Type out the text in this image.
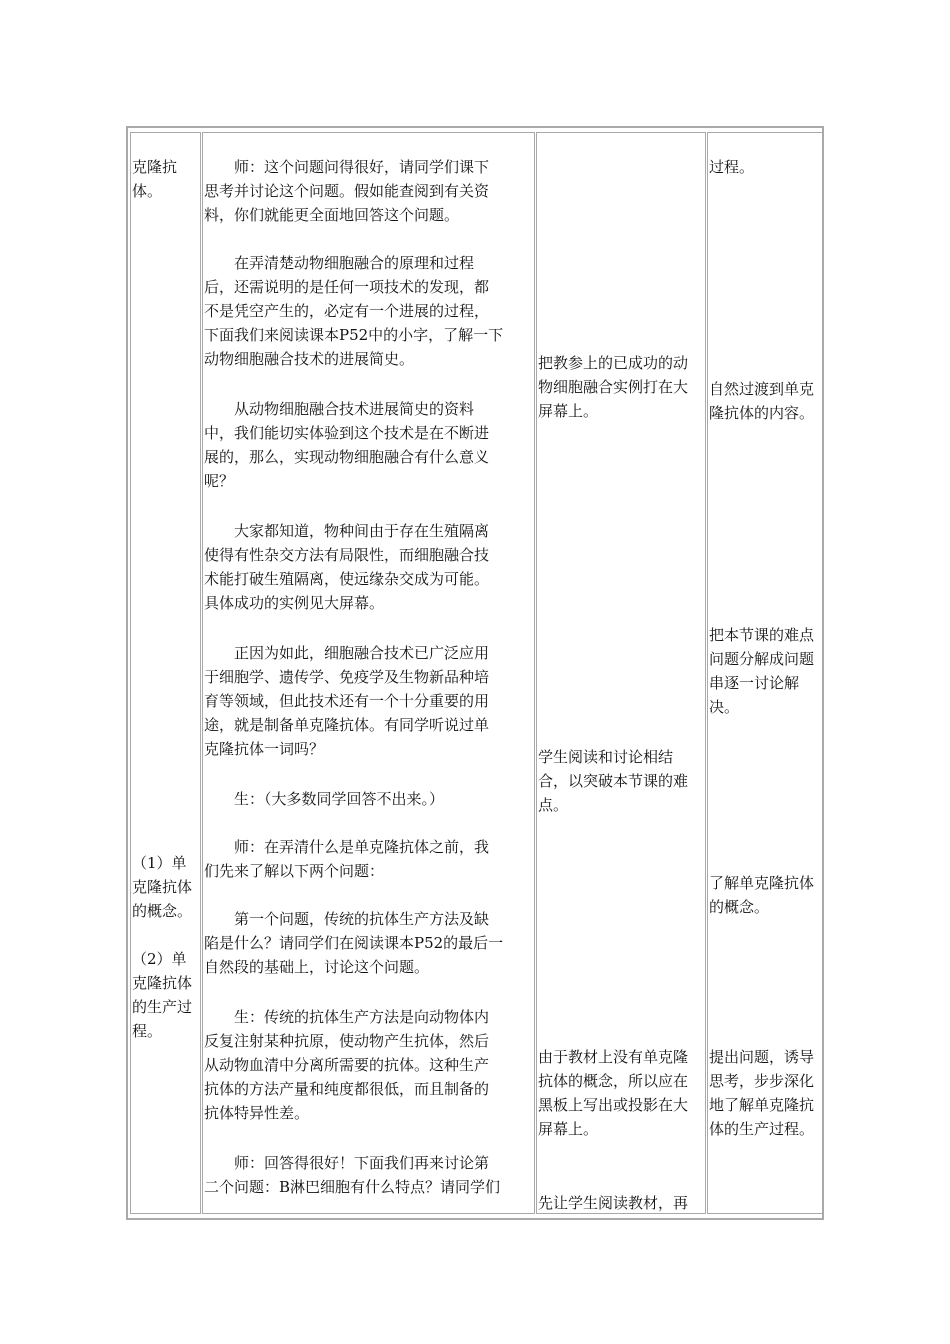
克隆抗
体。
（1）单
克隆抗体
的概念。
（2）单
克隆抗体
的生产过
程。
　　师：这个问题问得很好，请同学们课下
思考并讨论这个问题。假如能查阅到有关资
料，你们就能更全面地回答这个问题。
　　在弄清楚动物细胞融合的原理和过程
后，还需说明的是任何一项技术的发现，都
不是凭空产生的，必定有一个进展的过程，
下面我们来阅读课本P52中的小字，了解一下
动物细胞融合技术的进展简史。
　　从动物细胞融合技术进展简史的资料
中，我们能切实体验到这个技术是在不断进
展的，那么，实现动物细胞融合有什么意义
呢？
　　大家都知道，物种间由于存在生殖隔离
使得有性杂交方法有局限性，而细胞融合技
术能打破生殖隔离，使远缘杂交成为可能。
具体成功的实例见大屏幕。
　　正因为如此，细胞融合技术已广泛应用
于细胞学、遗传学、免疫学及生物新品种培
育等领域，但此技术还有一个十分重要的用
途，就是制备单克隆抗体。有同学听说过单
克隆抗体一词吗？
　　生：（大多数同学回答不出来。）
　　师：在弄清什么是单克隆抗体之前，我
们先来了解以下两个问题：
　　第一个问题，传统的抗体生产方法及缺
陷是什么？请同学们在阅读课本P52的最后一
自然段的基础上，讨论这个问题。
　　生：传统的抗体生产方法是向动物体内
反复注射某种抗原，使动物产生抗体，然后
从动物血清中分离所需要的抗体。这种生产
抗体的方法产量和纯度都很低，而且制备的
抗体特异性差。
　　师：回答得很好！下面我们再来讨论第
二个问题：B淋巴细胞有什么特点？请同学们
把教参上的已成功的动
物细胞融合实例打在大
屏幕上。
学生阅读和讨论相结
合，以突破本节课的难
点。
由于教材上没有单克隆
抗体的概念，所以应在
黑板上写出或投影在大
屏幕上。
先让学生阅读教材，再
过程。
自然过渡到单克
隆抗体的内容。
把本节课的难点
问题分解成问题
串逐一讨论解
决。
了解单克隆抗体
的概念。
提出问题，诱导
思考，步步深化
地了解单克隆抗
体的生产过程。
